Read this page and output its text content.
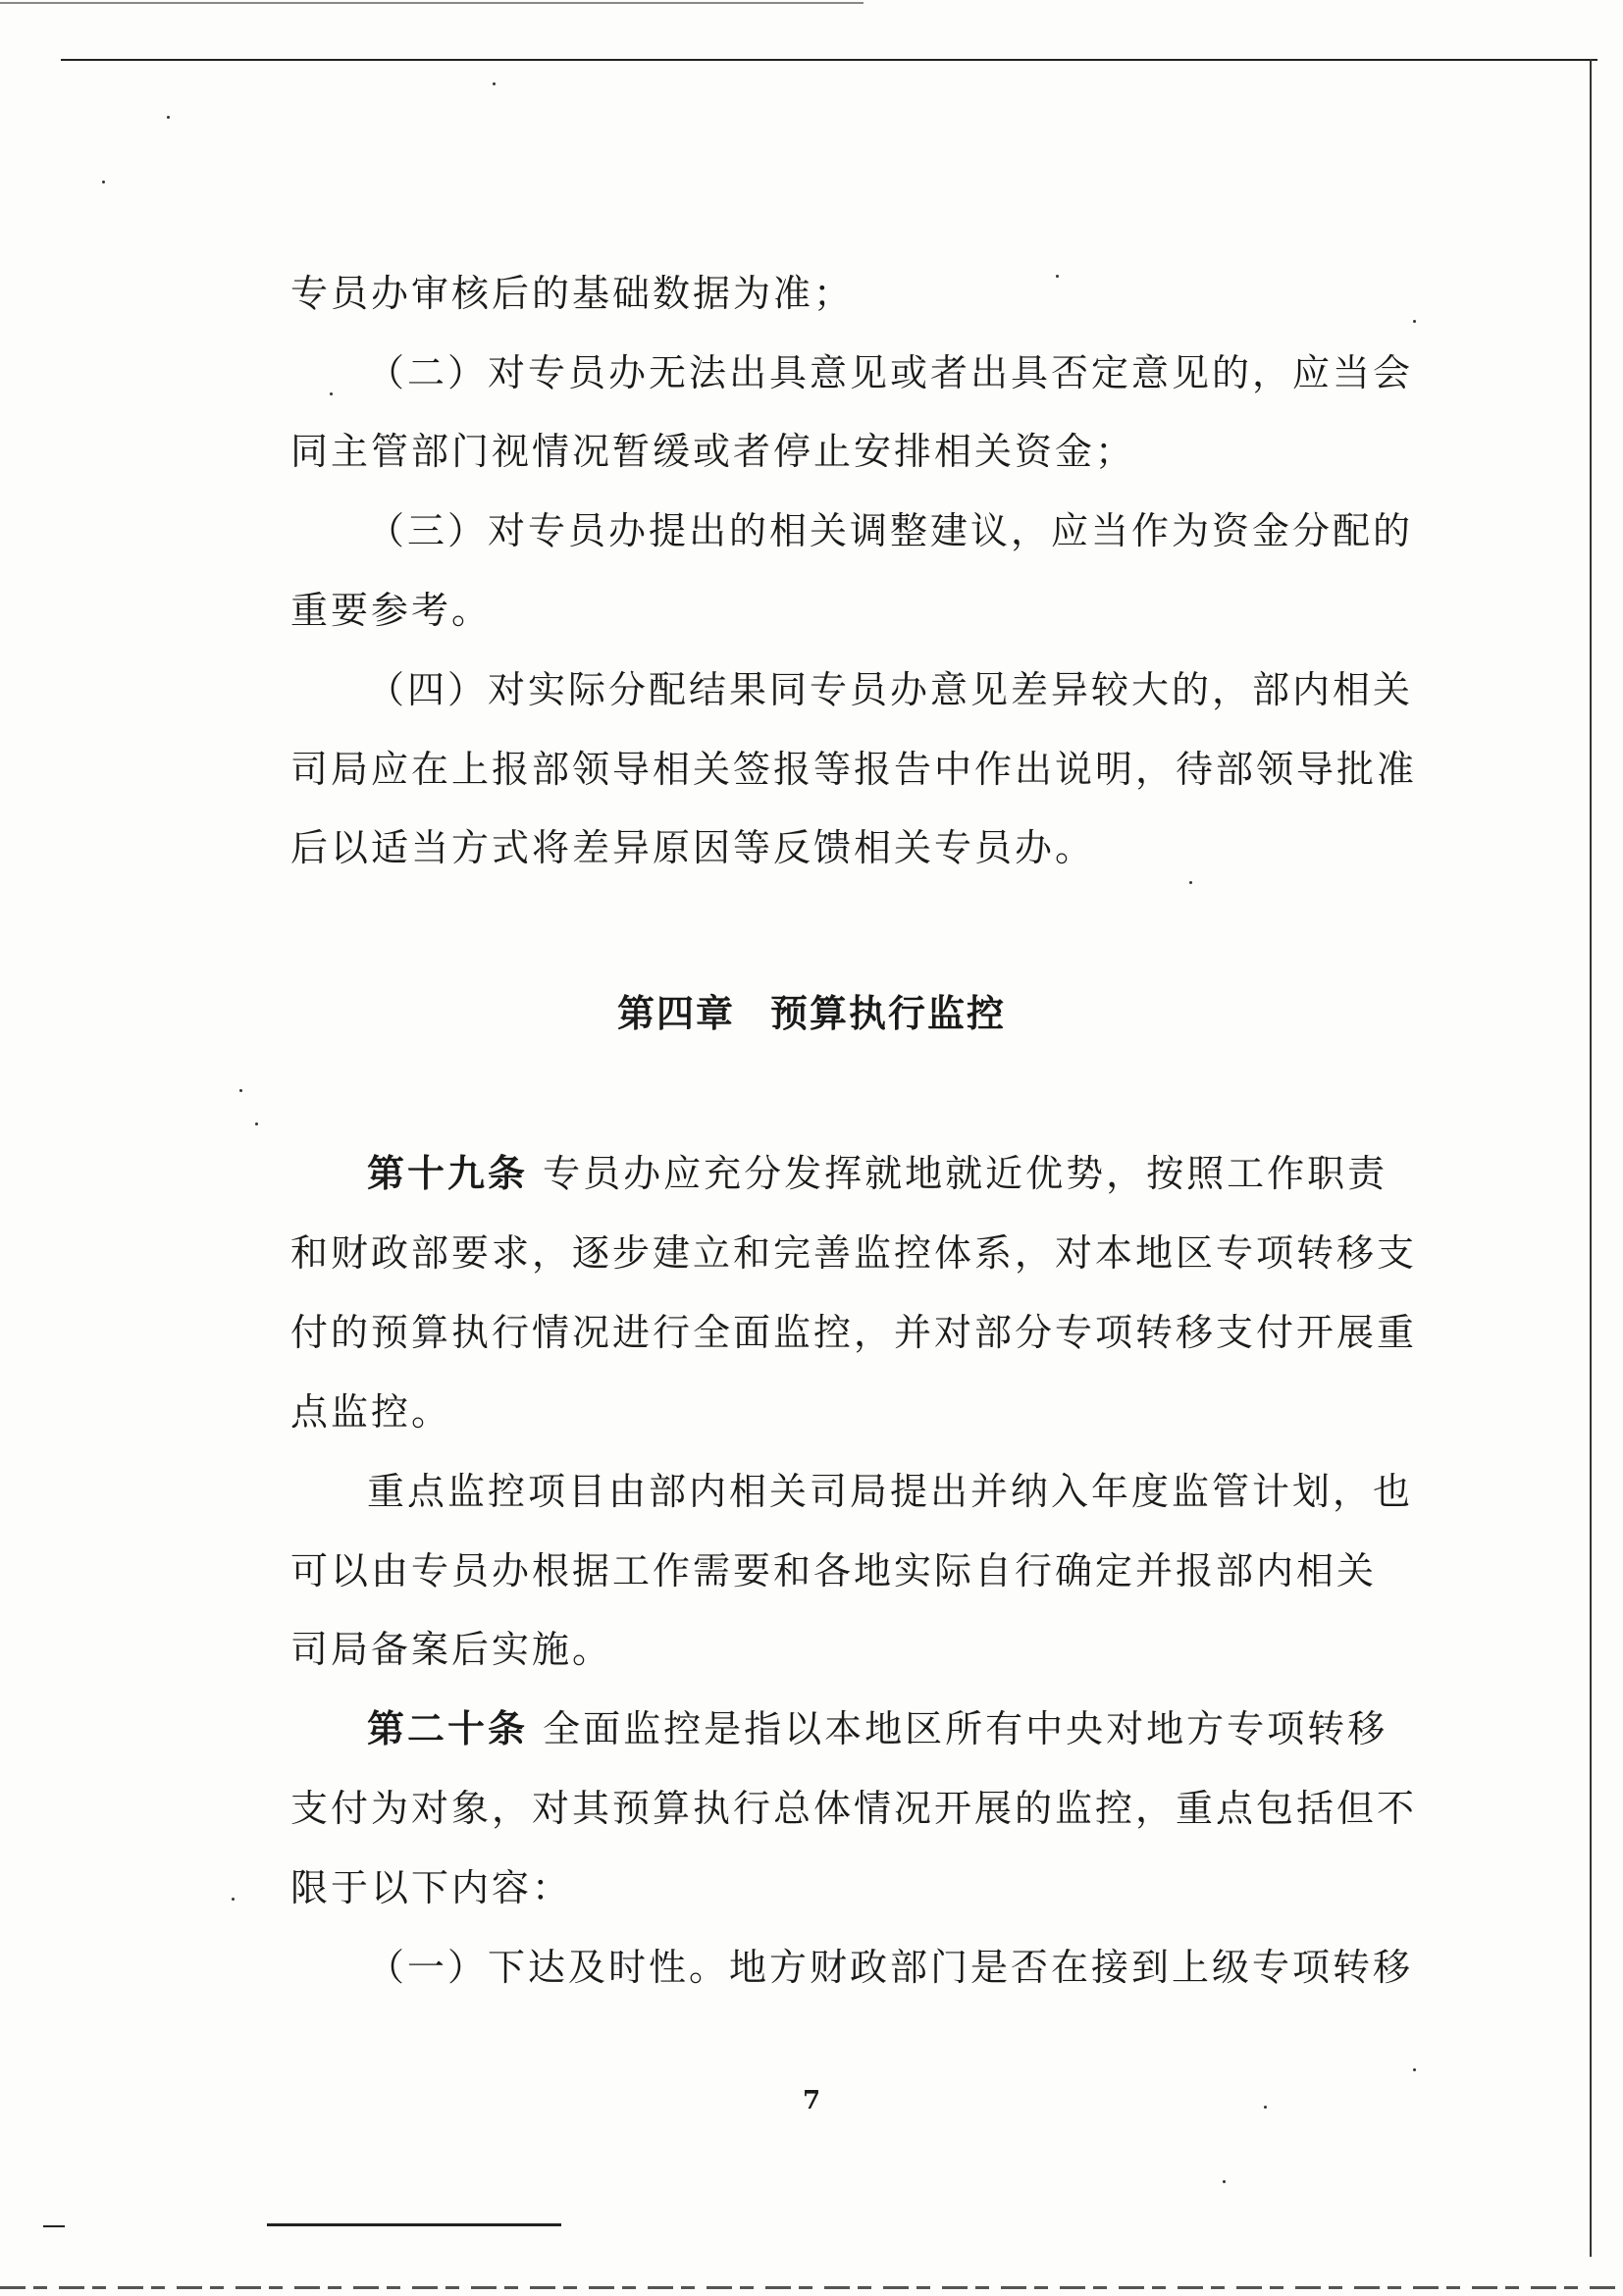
专员办审核后的基础数据为准；
（二）对专员办无法出具意见或者出具否定意见的，应当会
同主管部门视情况暂缓或者停止安排相关资金；
（三）对专员办提出的相关调整建议，应当作为资金分配的
重要参考。
（四）对实际分配结果同专员办意见差异较大的，部内相关
司局应在上报部领导相关签报等报告中作出说明，待部领导批准
后以适当方式将差异原因等反馈相关专员办。
第四章 预算执行监控
第十九条 专员办应充分发挥就地就近优势，按照工作职责
和财政部要求，逐步建立和完善监控体系，对本地区专项转移支
付的预算执行情况进行全面监控，并对部分专项转移支付开展重
点监控。
重点监控项目由部内相关司局提出并纳入年度监管计划，也
可以由专员办根据工作需要和各地实际自行确定并报部内相关
司局备案后实施。
第二十条 全面监控是指以本地区所有中央对地方专项转移
支付为对象，对其预算执行总体情况开展的监控，重点包括但不
限于以下内容：
（一）下达及时性。地方财政部门是否在接到上级专项转移
7
